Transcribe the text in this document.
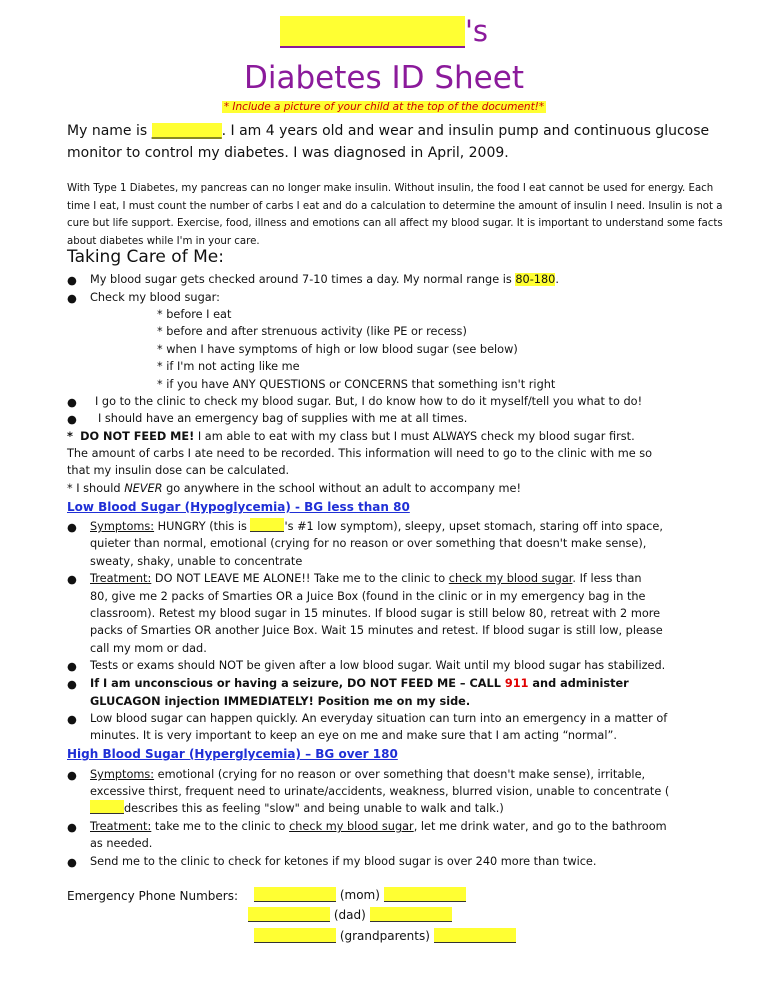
's
Diabetes ID Sheet
* Include a picture of your child at the top of the document!*
My name is __________. I am 4 years old and wear and insulin pump and continuous glucose monitor to control my diabetes. I was diagnosed in April, 2009.
With Type 1 Diabetes, my pancreas can no longer make insulin. Without insulin, the food I eat cannot be used for energy. Each time I eat, I must count the number of carbs I eat and do a calculation to determine the amount of insulin I need. Insulin is not a cure but life support. Exercise, food, illness and emotions can all affect my blood sugar. It is important to understand some facts about diabetes while I'm in your care.
Taking Care of Me:
● My blood sugar gets checked around 7-10 times a day. My normal range is 80-180.
● Check my blood sugar:
* before I eat
* before and after strenuous activity (like PE or recess)
* when I have symptoms of high or low blood sugar (see below)
* if I'm not acting like me
* if you have ANY QUESTIONS or CONCERNS that something isn't right
● I go to the clinic to check my blood sugar. But, I do know how to do it myself/tell you what to do!
● I should have an emergency bag of supplies with me at all times.
* DO NOT FEED ME! I am able to eat with my class but I must ALWAYS check my blood sugar first.
The amount of carbs I ate need to be recorded. This information will need to go to the clinic with me so
that my insulin dose can be calculated.
* I should NEVER go anywhere in the school without an adult to accompany me!
Low Blood Sugar (Hypoglycemia) - BG less than 80
● Symptoms: HUNGRY (this is	's #1 low symptom), sleepy, upset stomach, staring off into space,
quieter than normal, emotional (crying for no reason or over something that doesn't make sense),
sweaty, shaky, unable to concentrate
● Treatment: DO NOT LEAVE ME ALONE!! Take me to the clinic to check my blood sugar. If less than
80, give me 2 packs of Smarties OR a Juice Box (found in the clinic or in my emergency bag in the
classroom). Retest my blood sugar in 15 minutes. If blood sugar is still below 80, retreat with 2 more
packs of Smarties OR another Juice Box. Wait 15 minutes and retest. If blood sugar is still low, please
call my mom or dad.
● Tests or exams should NOT be given after a low blood sugar. Wait until my blood sugar has stabilized.
● If I am unconscious or having a seizure, DO NOT FEED ME – CALL 911 and administer
GLUCAGON injection IMMEDIATELY! Position me on my side.
● Low blood sugar can happen quickly. An everyday situation can turn into an emergency in a matter of
minutes. It is very important to keep an eye on me and make sure that I am acting “normal”.
High Blood Sugar (Hyperglycemia) – BG over 180
● Symptoms: emotional (crying for no reason or over something that doesn't make sense), irritable,
excessive thirst, frequent need to urinate/accidents, weakness, blurred vision, unable to concentrate (
describes this as feeling "slow" and being unable to walk and talk.)
● Treatment: take me to the clinic to check my blood sugar, let me drink water, and go to the bathroom
as needed.
● Send me to the clinic to check for ketones if my blood sugar is over 240 more than twice.
Emergency Phone Numbers:	(mom)
(dad)
(grandparents)
